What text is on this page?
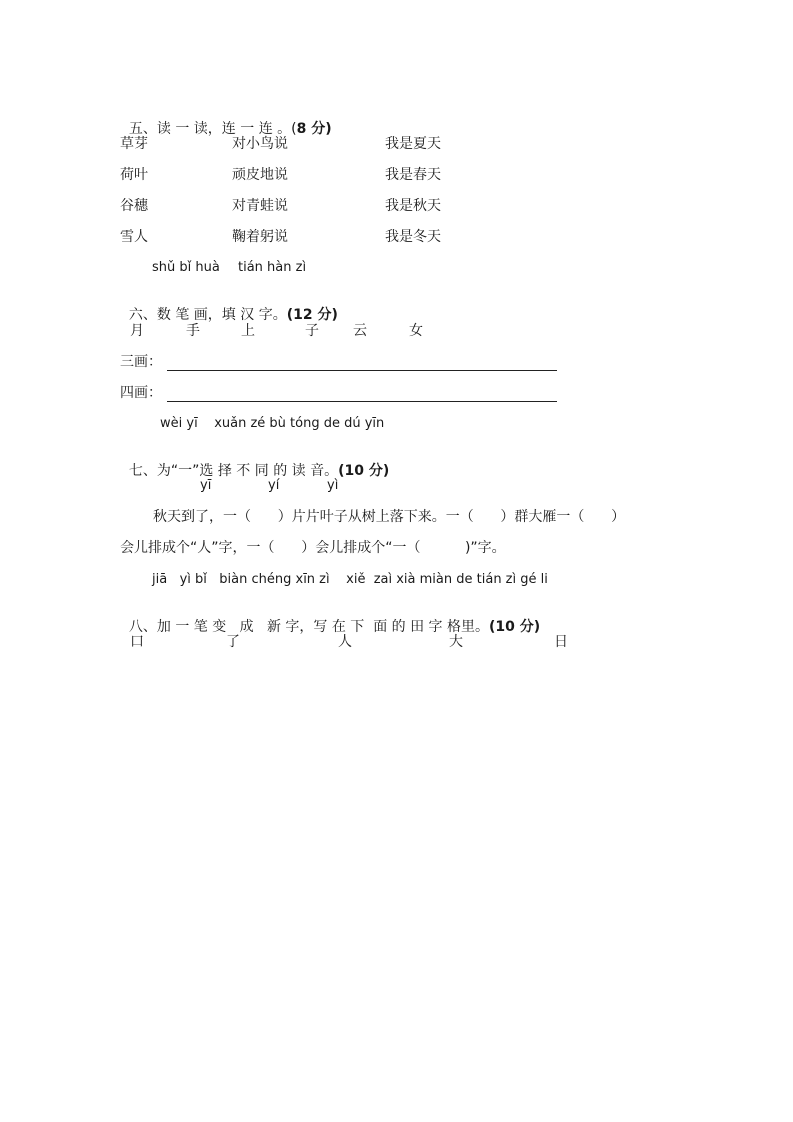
五、读 一 读，连 一 连 。(8 分)

草芽	对小鸟说	我是夏天
荷叶	顽皮地说	我是春天
谷穗	对青蛙说	我是秋天
雪人	鞠着躬说	我是冬天
shǔ bǐ huà tián hàn zì

六、数 笔 画，填 汉 字。(12 分)

月	手	上	子 云	女
三画：
四画：
wèi yī    xuǎn zé bù tóng de dú yīn

七、为“一”选 择 不 同 的 读 音。(10 分)

yī	yí	yì
秋天到了，一（      ）片片叶子从树上落下来。一（      ）群大雁一（      ）
会儿排成个“人”字，一（      ）会儿排成个“一（          )”字。
jiā   yì bǐ   biàn chéng xīn zì    xiě  zaì xià miàn de tián zì gé li

八、加 一 笔 变   成   新 字，写 在 下  面 的 田 字 格里。(10 分)

口	了	人	大	日
